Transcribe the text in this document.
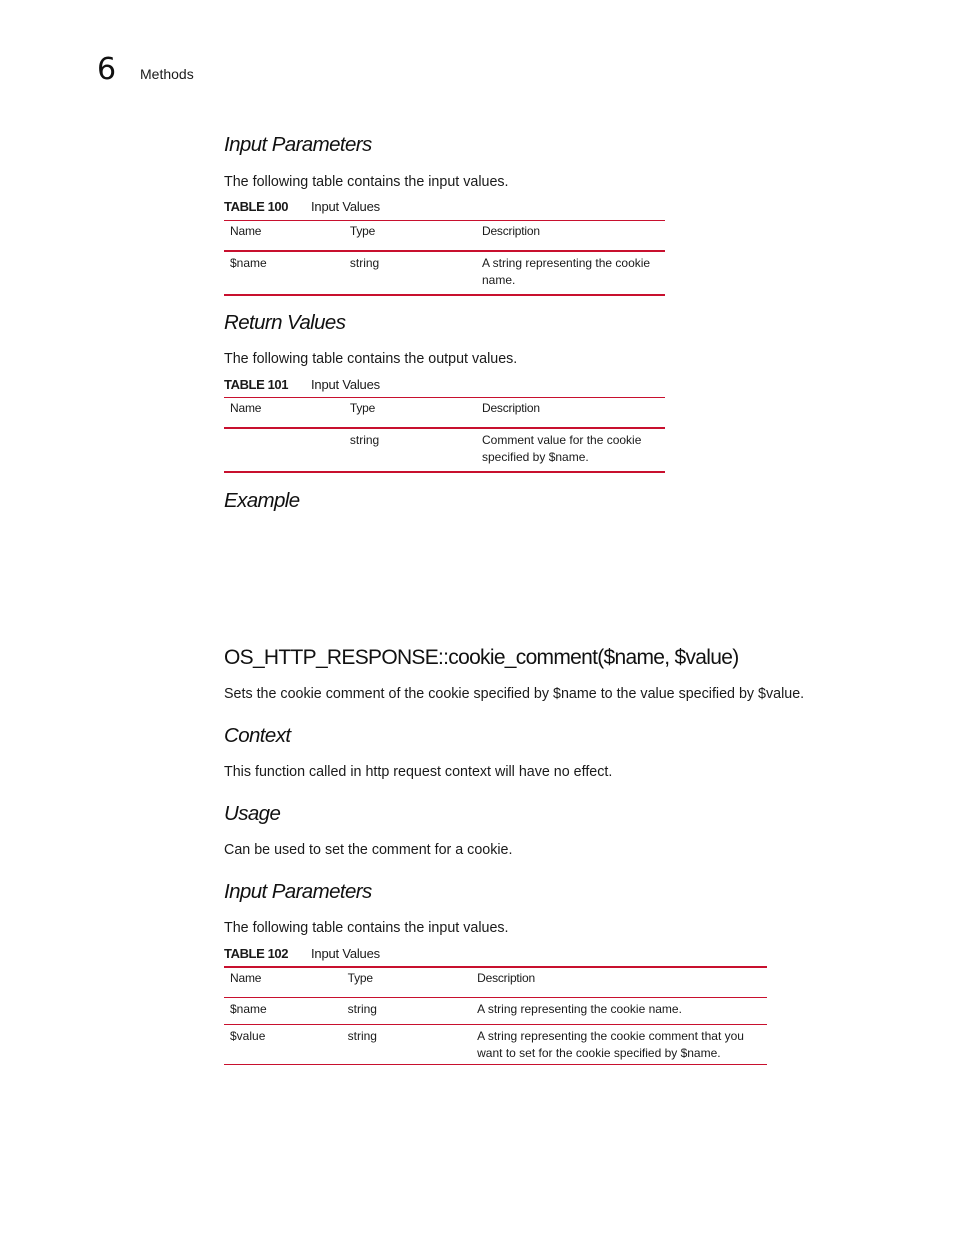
6 Methods
Input Parameters

The following table contains the input values.

TABLE 100 Input Values
Name	Type	Description
$name	string	A string representing the cookie name.
Return Values

The following table contains the output values.

TABLE 101 Input Values
Name	Type	Description
	string	Comment value for the cookie specified by $name.
Example
OS_HTTP_RESPONSE::cookie_comment($name, $value)

Sets the cookie comment of the cookie specified by $name to the value specified by $value.

Context

This function called in http request context will have no effect.

Usage

Can be used to set the comment for a cookie.

Input Parameters

The following table contains the input values.

TABLE 102 Input Values
Name	Type	Description
$name	string	A string representing the cookie name.
$value	string	A string representing the cookie comment that you want to set for the cookie specified by $name.
